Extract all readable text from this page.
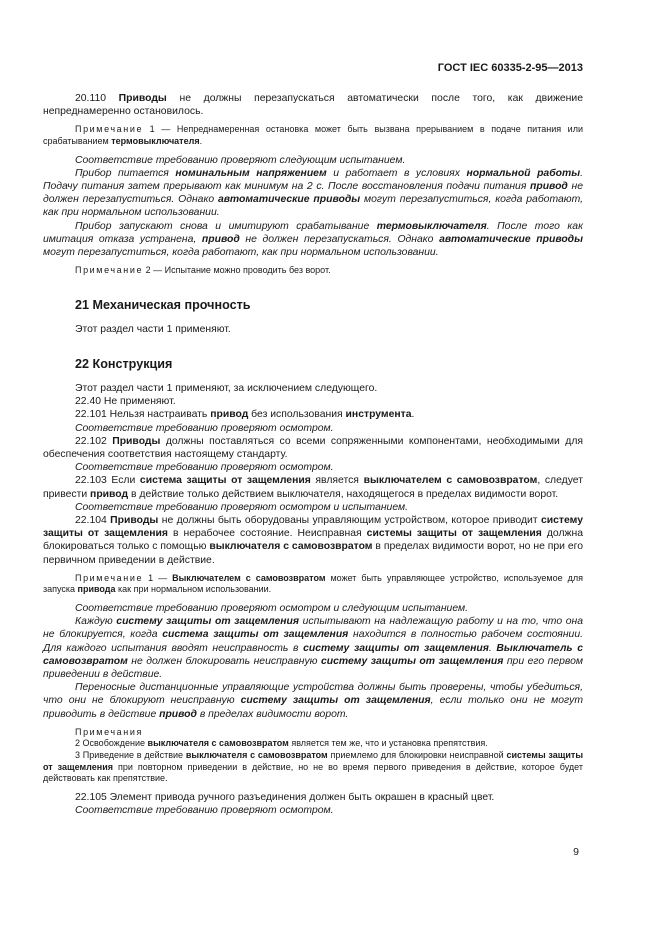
ГОСТ IEC 60335-2-95—2013

20.110 Приводы не должны перезапускаться автоматически после того, как движение непреднамеренно остановилось.

Примечание 1 — Непреднамеренная остановка может быть вызвана прерыванием в подаче питания или срабатыванием термовыключателя.

Соответствие требованию проверяют следующим испытанием.

Прибор питается номинальным напряжением и работает в условиях нормальной работы. Подачу питания затем прерывают как минимум на 2 с. После восстановления подачи питания привод не должен перезапуститься. Однако автоматические приводы могут перезапуститься, когда работают, как при нормальном использовании.

Прибор запускают снова и имитируют срабатывание термовыключателя. После того как имитация отказа устранена, привод не должен перезапускаться. Однако автоматические приводы могут перезапуститься, когда работают, как при нормальном использовании.

Примечание 2 — Испытание можно проводить без ворот.

21 Механическая прочность

Этот раздел части 1 применяют.

22 Конструкция

Этот раздел части 1 применяют, за исключением следующего.

22.40 Не применяют.

22.101 Нельзя настраивать привод без использования инструмента.

Соответствие требованию проверяют осмотром.

22.102 Приводы должны поставляться со всеми сопряженными компонентами, необходимыми для обеспечения соответствия настоящему стандарту.

Соответствие требованию проверяют осмотром.

22.103 Если система защиты от защемления является выключателем с самовозвратом, следует привести привод в действие только действием выключателя, находящегося в пределах видимости ворот.

Соответствие требованию проверяют осмотром и испытанием.

22.104 Приводы не должны быть оборудованы управляющим устройством, которое приводит систему защиты от защемления в нерабочее состояние. Неисправная системы защиты от защемления должна блокироваться только с помощью выключателя с самовозвратом в пределах видимости ворот, но не при его первичном приведении в действие.

Примечание 1 — Выключателем с самовозвратом может быть управляющее устройство, используемое для запуска привода как при нормальном использовании.

Соответствие требованию проверяют осмотром и следующим испытанием.

Каждую систему защиты от защемления испытывают на надлежащую работу и на то, что она не блокируется, когда система защиты от защемления находится в полностью рабочем состоянии. Для каждого испытания вводят неисправность в систему защиты от защемления. Выключатель с самовозвратом не должен блокировать неисправную систему защиты от защемления при его первом приведении в действие.

Переносные дистанционные управляющие устройства должны быть проверены, чтобы убедиться, что они не блокируют неисправную систему защиты от защемления, если только они не могут приводить в действие привод в пределах видимости ворот.

Примечания

2 Освобождение выключателя с самовозвратом является тем же, что и установка препятствия.

3 Приведение в действие выключателя с самовозвратом приемлемо для блокировки неисправной системы защиты от защемления при повторном приведении в действие, но не во время первого приведения в действие, которое будет действовать как препятствие.

22.105 Элемент привода ручного разъединения должен быть окрашен в красный цвет.

Соответствие требованию проверяют осмотром.

9
